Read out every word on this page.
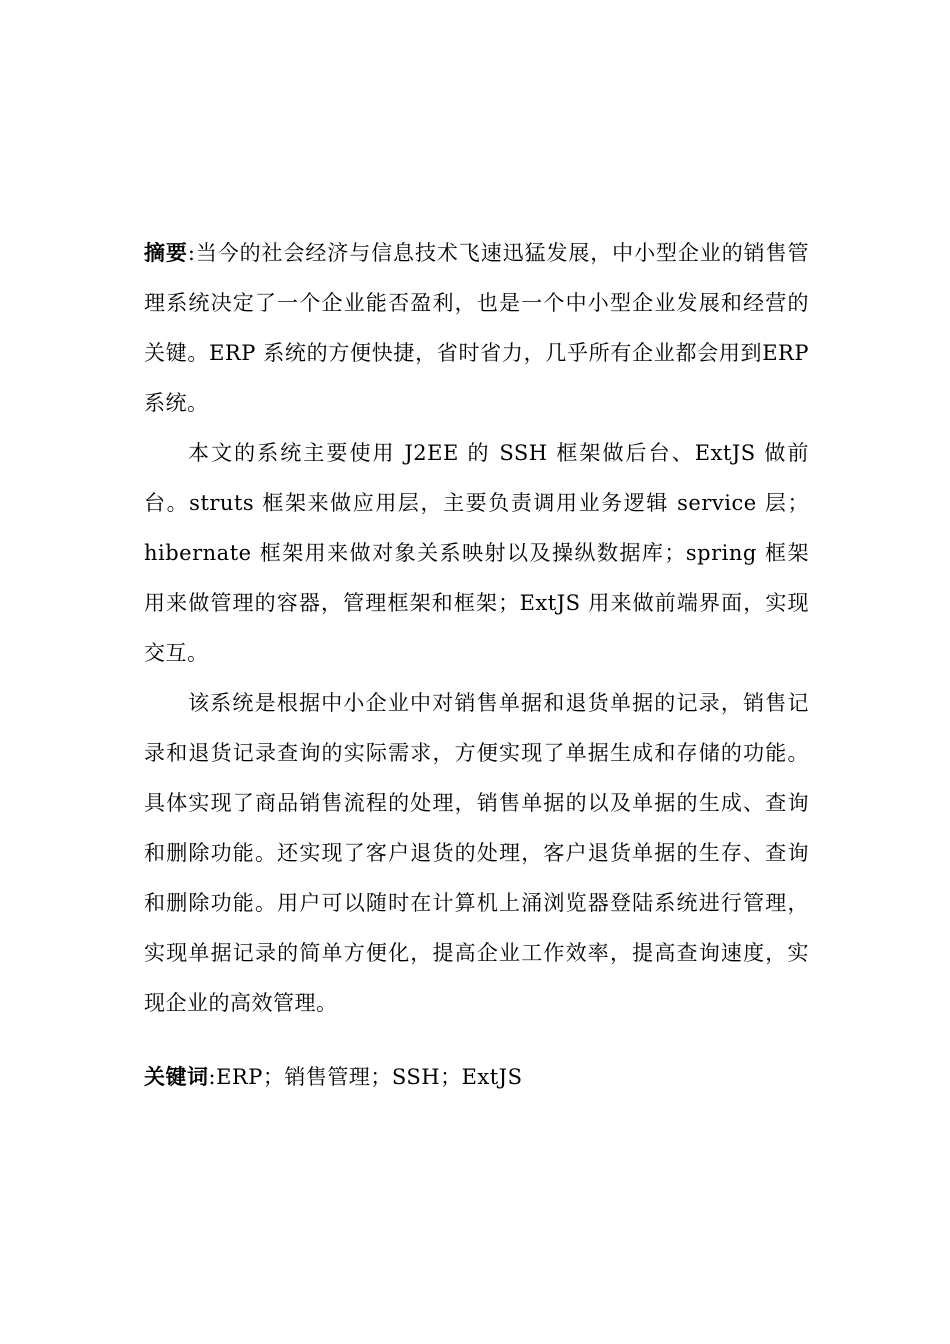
摘要:当今的社会经济与信息技术飞速迅猛发展，中小型企业的销售管理系统决定了一个企业能否盈利，也是一个中小型企业发展和经营的关键。ERP 系统的方便快捷，省时省力，几乎所有企业都会用到ERP 系统。

本文的系统主要使用 J2EE 的 SSH 框架做后台、ExtJS 做前台。struts 框架来做应用层，主要负责调用业务逻辑 service 层；hibernate 框架用来做对象关系映射以及操纵数据库；spring 框架用来做管理的容器，管理框架和框架；ExtJS 用来做前端界面，实现交互。

该系统是根据中小企业中对销售单据和退货单据的记录，销售记录和退货记录查询的实际需求，方便实现了单据生成和存储的功能。具体实现了商品销售流程的处理，销售单据的以及单据的生成、查询和删除功能。还实现了客户退货的处理，客户退货单据的生存、查询和删除功能。用户可以随时在计算机上涌浏览器登陆系统进行管理，实现单据记录的简单方便化，提高企业工作效率，提高查询速度，实现企业的高效管理。

关键词:ERP；销售管理；SSH；ExtJS
